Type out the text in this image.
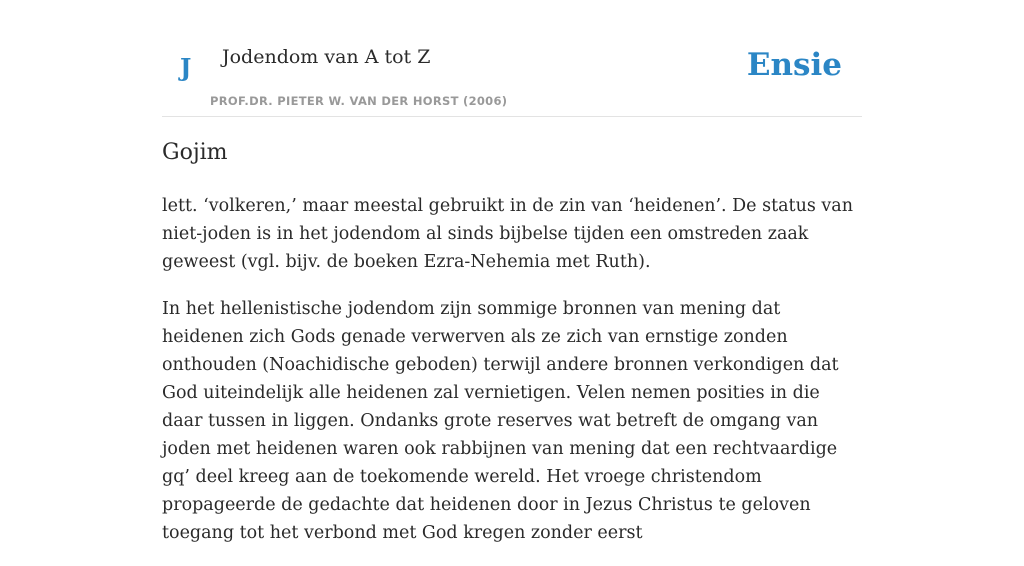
J Jodendom van A tot Z
PROF.DR. PIETER W. VAN DER HORST (2006)
Ensie
Gojim

lett. ‘volkeren,’ maar meestal gebruikt in de zin van ‘heidenen’. De status van niet-joden is in het jodendom al sinds bijbelse tijden een omstreden zaak geweest (vgl. bijv. de boeken Ezra-Nehemia met Ruth).

In het hellenistische jodendom zijn sommige bronnen van mening dat heidenen zich Gods genade verwerven als ze zich van ernstige zonden onthouden (Noachidische geboden) terwijl andere bronnen verkondigen dat God uiteindelijk alle heidenen zal vernietigen. Velen nemen posities in die daar tussen in liggen. Ondanks grote reserves wat betreft de omgang van joden met heidenen waren ook rabbijnen van mening dat een rechtvaardige gq’ deel kreeg aan de toekomende wereld. Het vroege christendom propageerde de gedachte dat heidenen door in Jezus Christus te geloven toegang tot het verbond met God kregen zonder eerst
